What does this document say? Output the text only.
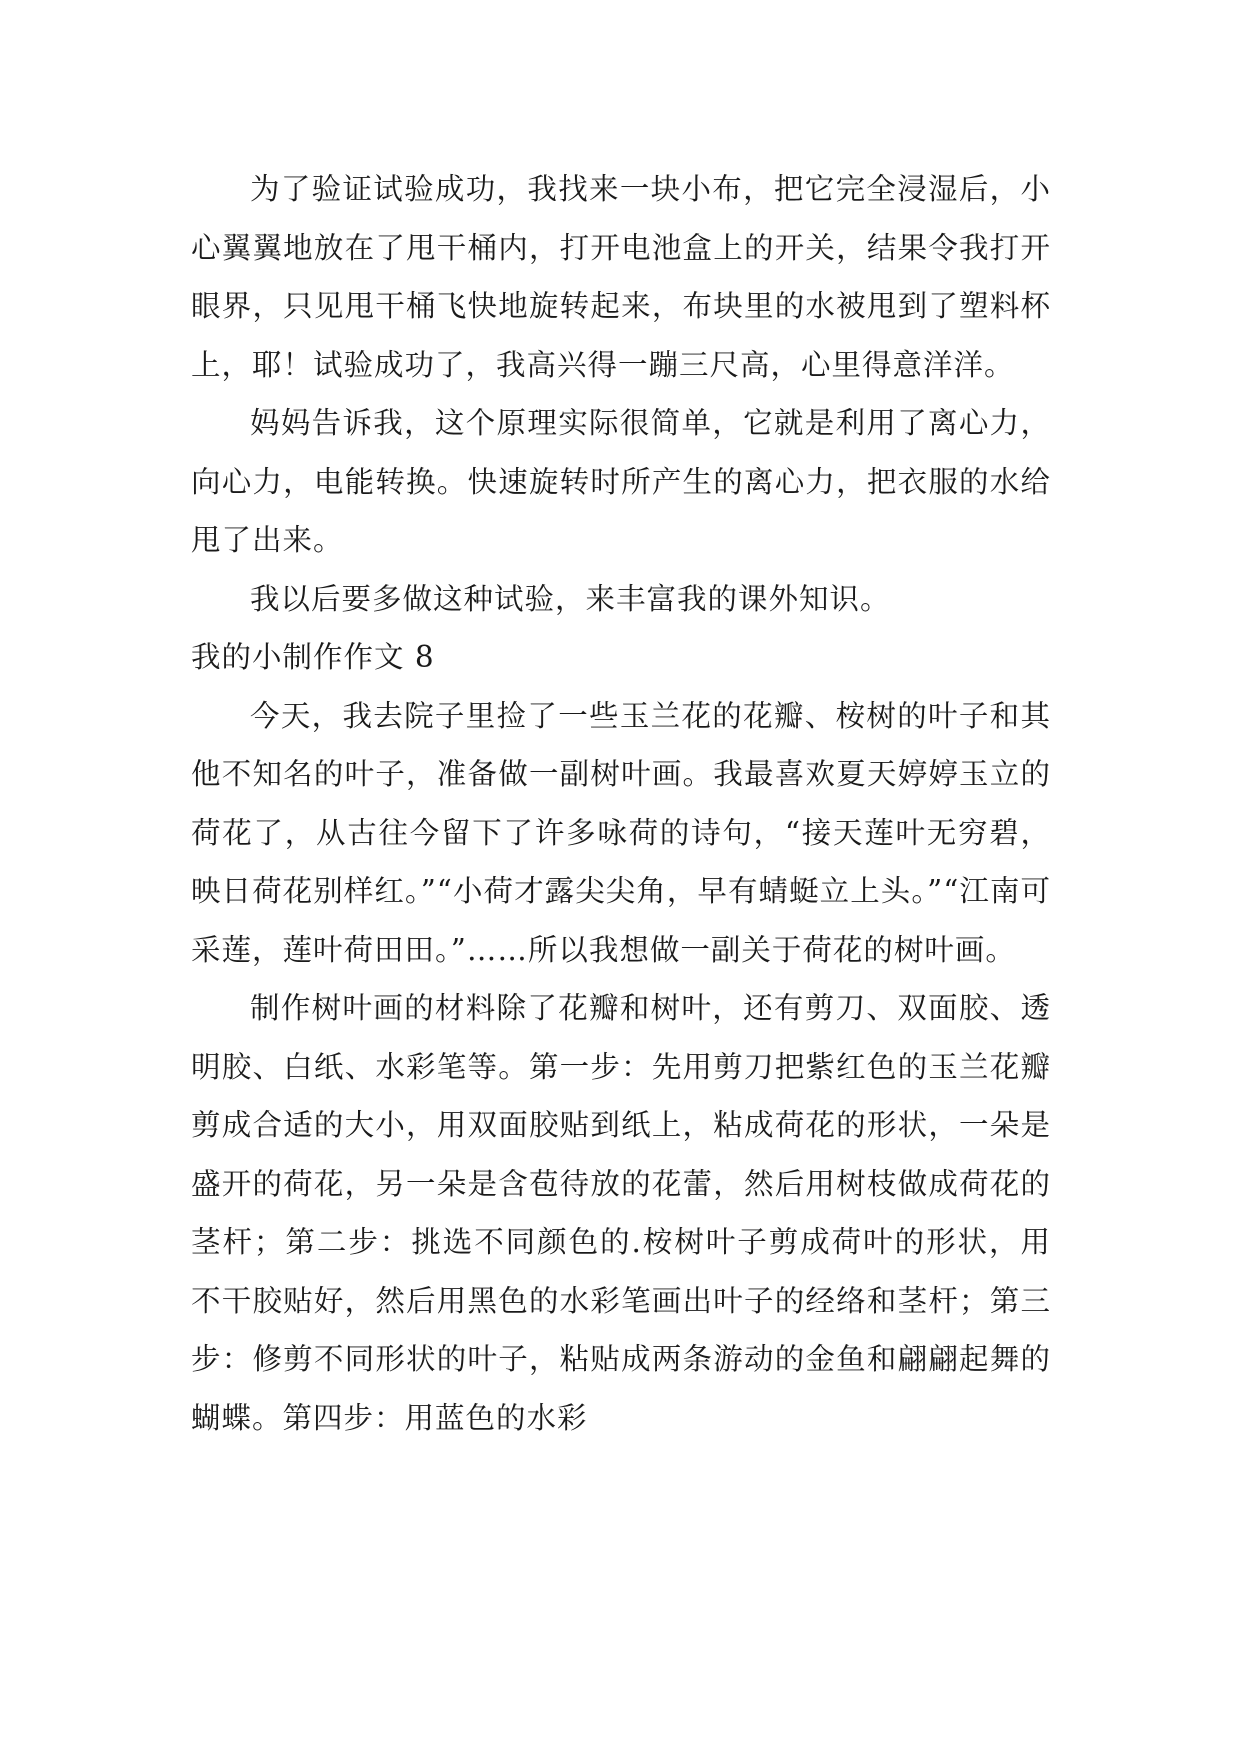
为了验证试验成功，我找来一块小布，把它完全浸湿后，小心翼翼地放在了甩干桶内，打开电池盒上的开关，结果令我打开眼界，只见甩干桶飞快地旋转起来，布块里的水被甩到了塑料杯上，耶！试验成功了，我高兴得一蹦三尺高，心里得意洋洋。

妈妈告诉我，这个原理实际很简单，它就是利用了离心力，向心力，电能转换。快速旋转时所产生的离心力，把衣服的水给甩了出来。

我以后要多做这种试验，来丰富我的课外知识。

我的小制作作文 8

今天，我去院子里捡了一些玉兰花的花瓣、桉树的叶子和其他不知名的叶子，准备做一副树叶画。我最喜欢夏天婷婷玉立的荷花了，从古往今留下了许多咏荷的诗句，“接天莲叶无穷碧，映日荷花别样红。”“小荷才露尖尖角，早有蜻蜓立上头。”“江南可采莲，莲叶荷田田。”……所以我想做一副关于荷花的树叶画。

制作树叶画的材料除了花瓣和树叶，还有剪刀、双面胶、透明胶、白纸、水彩笔等。第一步：先用剪刀把紫红色的玉兰花瓣剪成合适的大小，用双面胶贴到纸上，粘成荷花的形状，一朵是盛开的荷花，另一朵是含苞待放的花蕾，然后用树枝做成荷花的茎杆；第二步：挑选不同颜色的.桉树叶子剪成荷叶的形状，用不干胶贴好，然后用黑色的水彩笔画出叶子的经络和茎杆；第三步：修剪不同形状的叶子，粘贴成两条游动的金鱼和翩翩起舞的蝴蝶。第四步：用蓝色的水彩
